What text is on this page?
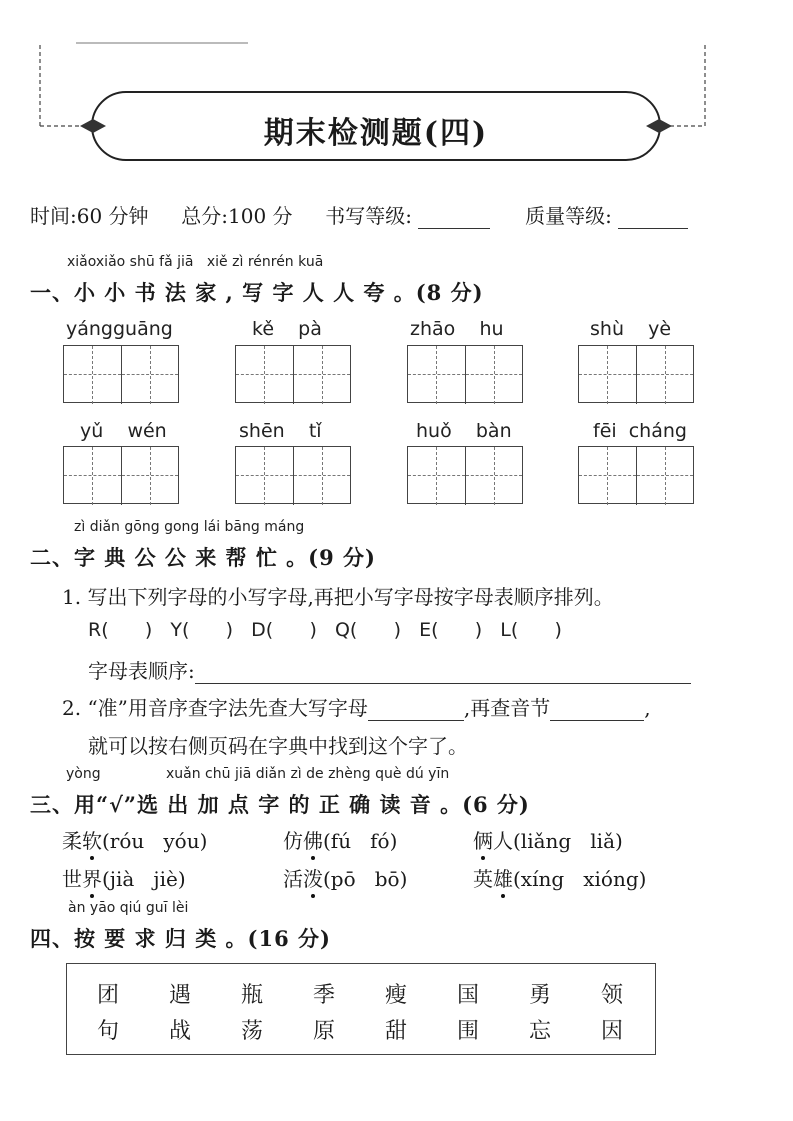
期末检测题(四)
时间:60 分钟 总分:100 分 书写等级:	质量等级:
xiǎoxiǎo shū fǎ jiā xiě zì rénrén kuā
一、小 小 书 法 家 , 写 字 人 人 夸 。(8 分)
yángguāng	kě    pà	zhāo    hu	shù    yè
yǔ    wén	shēn    tǐ	huǒ    bàn	fēi  cháng
zì diǎn gōng gong lái bāng máng
二、字 典 公 公 来 帮 忙 。(9 分)
1. 写出下列字母的小写字母,再把小写字母按字母表顺序排列。
R(      )   Y(      )   D(      )   Q(      )   E(      )   L(      )
字母表顺序:
2. “准”用音序查字法先查大写字母	,再查音节	,
就可以按右侧页码在字典中找到这个字了。
yòng	xuǎn chū jiā diǎn zì de zhèng què dú yīn
三、用“√”选 出 加 点 字 的 正 确 读 音 。(6 分)
柔软(róu   yóu)	仿佛(fú   fó)	俩人(liǎng   liǎ)
世界(jià   jiè)	活泼(pō   bō)	英雄(xíng   xióng)
àn yāo qiú guī lèi
四、按 要 求 归 类 。(16 分)
团	遇	瓶	季	瘦	国	勇	领
句	战	荡	原	甜	围	忘	因
